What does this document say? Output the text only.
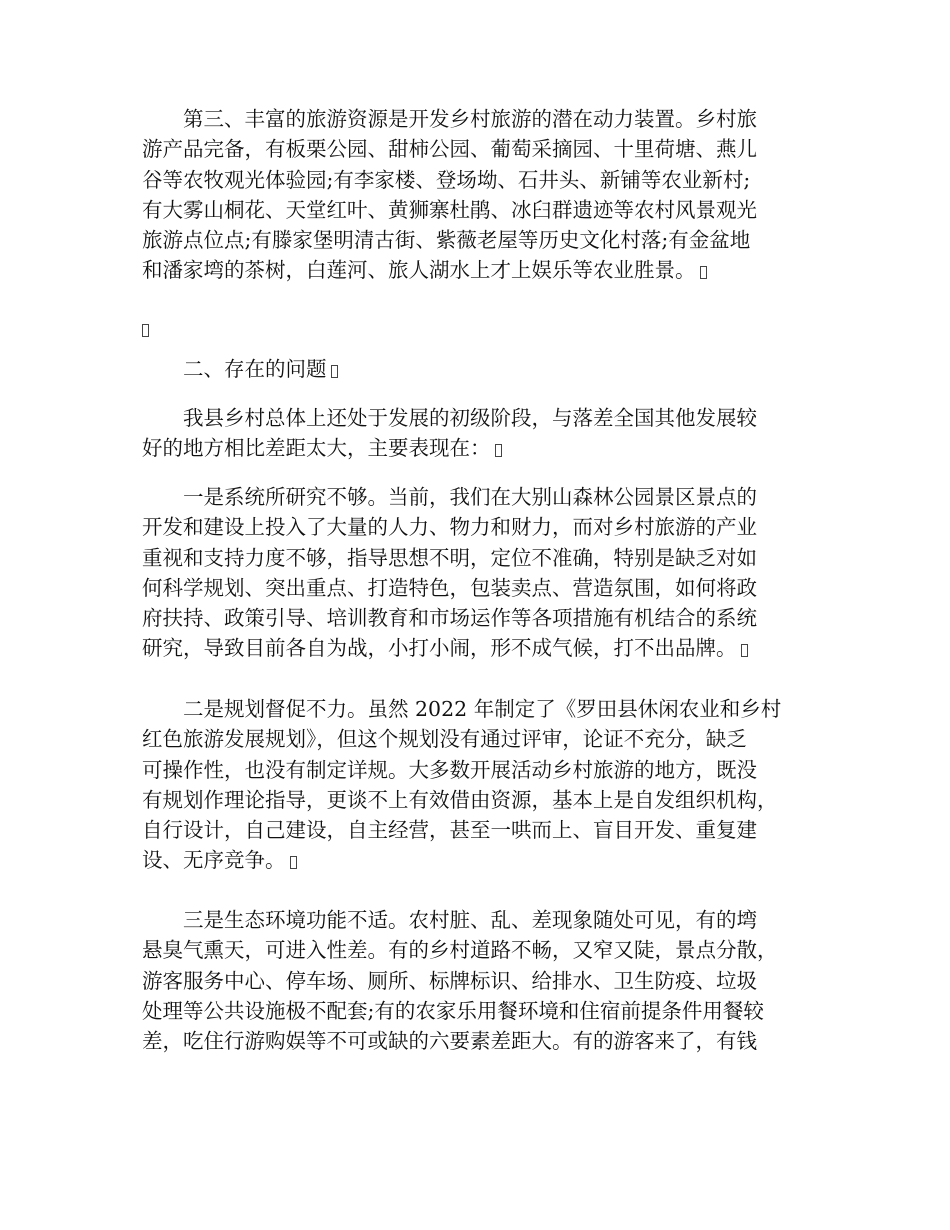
第三、丰富的旅游资源是开发乡村旅游的潜在动力装置。乡村旅
游产品完备，有板栗公园、甜柿公园、葡萄采摘园、十里荷塘、燕儿
谷等农牧观光体验园;有李家楼、登场坳、石井头、新铺等农业新村;
有大雾山桐花、天堂红叶、黄狮寨杜鹃、冰臼群遗迹等农村风景观光
旅游点位点;有滕家堡明清古街、紫薇老屋等历史文化村落;有金盆地
和潘家塆的茶树，白莲河、旅人湖水上才上娱乐等农业胜景。
二、存在的问题
我县乡村总体上还处于发展的初级阶段，与落差全国其他发展较
好的地方相比差距太大，主要表现在：
一是系统所研究不够。当前，我们在大别山森林公园景区景点的
开发和建设上投入了大量的人力、物力和财力，而对乡村旅游的产业
重视和支持力度不够，指导思想不明，定位不准确，特别是缺乏对如
何科学规划、突出重点、打造特色，包装卖点、营造氛围，如何将政
府扶持、政策引导、培训教育和市场运作等各项措施有机结合的系统
研究，导致目前各自为战，小打小闹，形不成气候，打不出品牌。
二是规划督促不力。虽然 2022 年制定了《罗田县休闲农业和乡村
红色旅游发展规划》，但这个规划没有通过评审，论证不充分，缺乏
可操作性，也没有制定详规。大多数开展活动乡村旅游的地方，既没
有规划作理论指导，更谈不上有效借由资源，基本上是自发组织机构，
自行设计，自己建设，自主经营，甚至一哄而上、盲目开发、重复建
设、无序竞争。
三是生态环境功能不适。农村脏、乱、差现象随处可见，有的塆
悬臭气熏天，可进入性差。有的乡村道路不畅，又窄又陡，景点分散，
游客服务中心、停车场、厕所、标牌标识、给排水、卫生防疫、垃圾
处理等公共设施极不配套;有的农家乐用餐环境和住宿前提条件用餐较
差，吃住行游购娱等不可或缺的六要素差距大。有的游客来了，有钱
